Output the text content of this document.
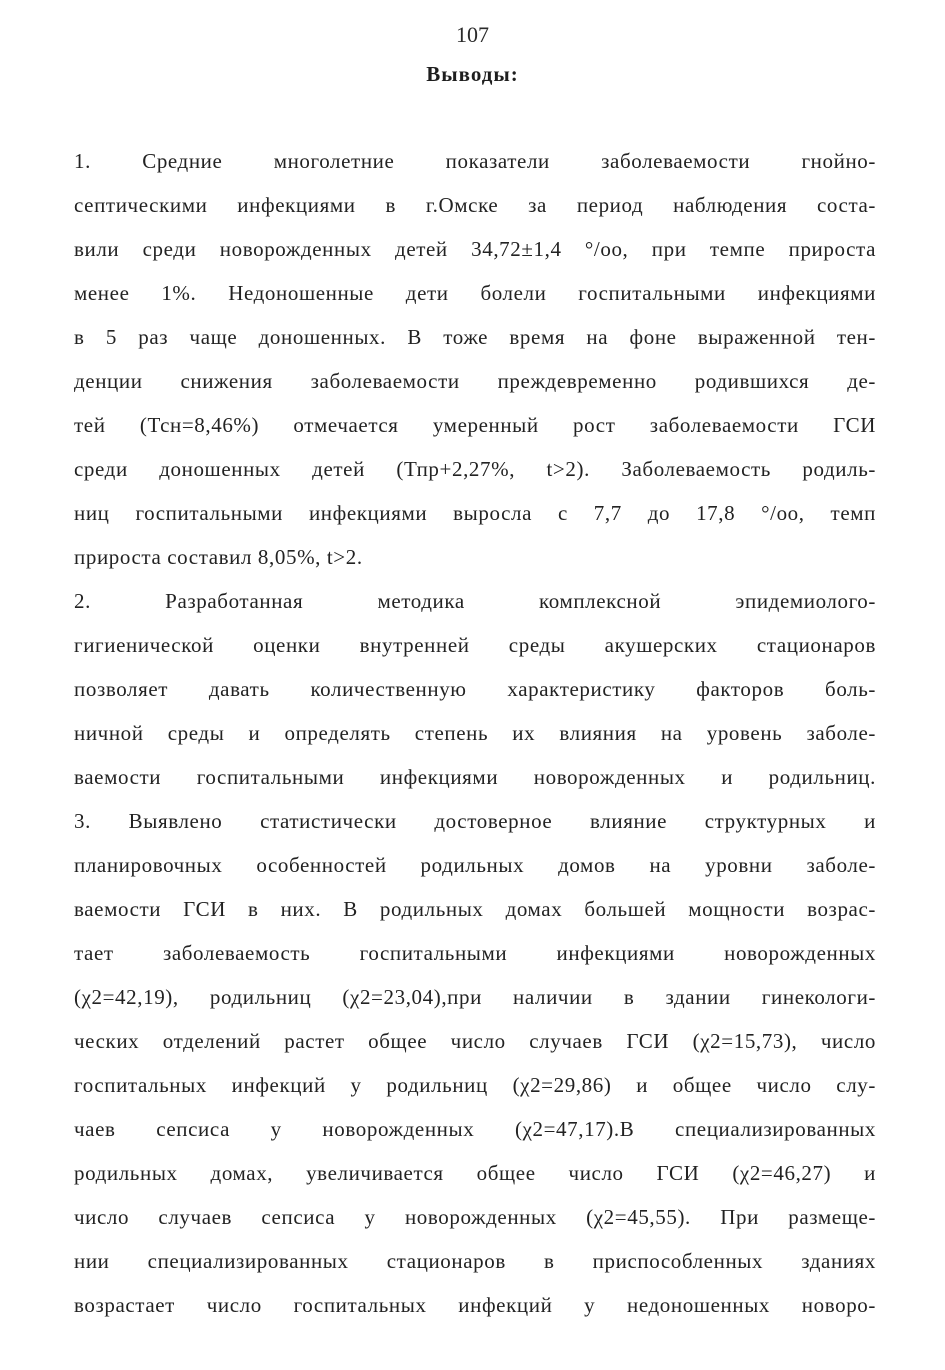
107
Выводы:
1. Средние многолетние показатели заболеваемости гнойно-
септическими инфекциями в г.Омске за период наблюдения соста-
вили среди новорожденных детей 34,72±1,4 °/оо, при темпе прироста
менее 1%. Недоношенные дети болели госпитальными инфекциями
в 5 раз чаще доношенных. В тоже время на фоне выраженной тен-
денции снижения заболеваемости преждевременно родившихся де-
тей (Тсн=8,46%) отмечается умеренный рост заболеваемости ГСИ
среди доношенных детей (Тпр+2,27%, t>2). Заболеваемость родиль-
ниц госпитальными инфекциями выросла с 7,7 до 17,8 °/оо, темп
прироста составил 8,05%, t>2.
2. Разработанная методика комплексной эпидемиолого-
гигиенической оценки внутренней среды акушерских стационаров
позволяет давать количественную характеристику факторов боль-
ничной среды и определять степень их влияния на уровень заболе-
ваемости госпитальными инфекциями новорожденных и родильниц.
3. Выявлено статистически достоверное влияние структурных и
планировочных особенностей родильных домов на уровни заболе-
ваемости ГСИ в них. В родильных домах большей мощности возрас-
тает заболеваемость госпитальными инфекциями новорожденных
(χ2=42,19), родильниц (χ2=23,04),при наличии в здании гинекологи-
ческих отделений растет общее число случаев ГСИ (χ2=15,73), число
госпитальных инфекций у родильниц (χ2=29,86) и общее число слу-
чаев сепсиса у новорожденных (χ2=47,17).В специализированных
родильных домах, увеличивается общее число ГСИ (χ2=46,27) и
число случаев сепсиса у новорожденных (χ2=45,55). При размеще-
нии специализированных стационаров в приспособленных зданиях
возрастает число госпитальных инфекций у недоношенных новоро-
